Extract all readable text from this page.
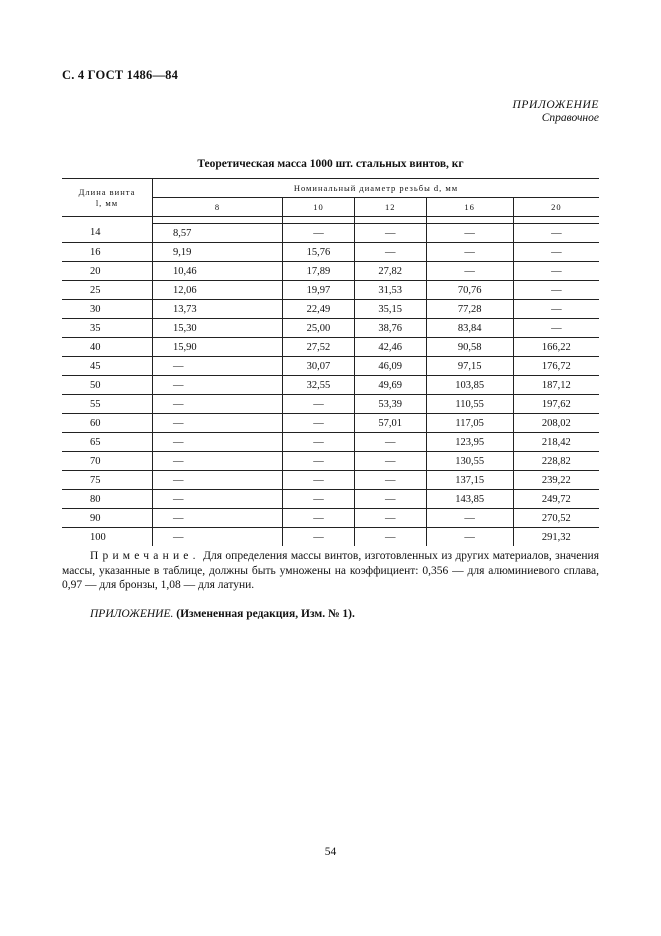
С. 4 ГОСТ 1486—84
ПРИЛОЖЕНИЕ
Справочное
Теоретическая масса 1000 шт. стальных винтов, кг
Длина винта
l, мм	Номинальный диаметр резьбы d, мм				
	8	10	12	16	20

14	8,57	—	—	—	—
16	9,19	15,76	—	—	—
20	10,46	17,89	27,82	—	—
25	12,06	19,97	31,53	70,76	—
30	13,73	22,49	35,15	77,28	—
35	15,30	25,00	38,76	83,84	—
40	15,90	27,52	42,46	90,58	166,22
45	—	30,07	46,09	97,15	176,72
50	—	32,55	49,69	103,85	187,12
55	—	—	53,39	110,55	197,62
60	—	—	57,01	117,05	208,02
65	—	—	—	123,95	218,42
70	—	—	—	130,55	228,82
75	—	—	—	137,15	239,22
80	—	—	—	143,85	249,72
90	—	—	—	—	270,52
100	—	—	—	—	291,32
Примечание. Для определения массы винтов, изготовленных из других материалов, значения массы, указанные в таблице, должны быть умножены на коэффициент: 0,356 — для алюминиевого сплава, 0,97 — для бронзы, 1,08 — для латуни.
ПРИЛОЖЕНИЕ. (Измененная редакция, Изм. № 1).
54
